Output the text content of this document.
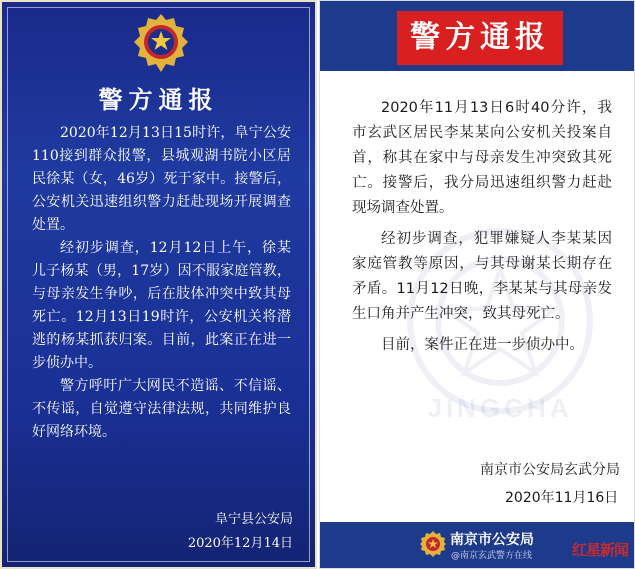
警方通报

2020年12月13日15时许，阜宁公安110接到群众报警，县城观湖书院小区居民徐某（女，46岁）死于家中。接警后，公安机关迅速组织警力赶赴现场开展调查处置。

经初步调查，12月12日上午，徐某儿子杨某（男，17岁）因不服家庭管教，与母亲发生争吵，后在肢体冲突中致其母死亡。12月13日19时许，公安机关将潜逃的杨某抓获归案。目前，此案正在进一步侦办中。

警方呼吁广大网民不造谣、不信谣、不传谣，自觉遵守法律法规，共同维护良好网络环境。

阜宁县公安局
2020年12月14日
警方通报
JINGCHA

2020年11月13日6时40分许，我市玄武区居民李某某向公安机关投案自首，称其在家中与母亲发生冲突致其死亡。接警后，我分局迅速组织警力赶赴现场调查处置。

经初步调查，犯罪嫌疑人李某某因家庭管教等原因，与其母谢某长期存在矛盾。11月12日晚，李某某与其母亲发生口角并产生冲突，致其母死亡。

目前，案件正在进一步侦办中。

南京市公安局玄武分局
2020年11月16日
南京市公安局
@南京玄武警方在线	红星新闻
